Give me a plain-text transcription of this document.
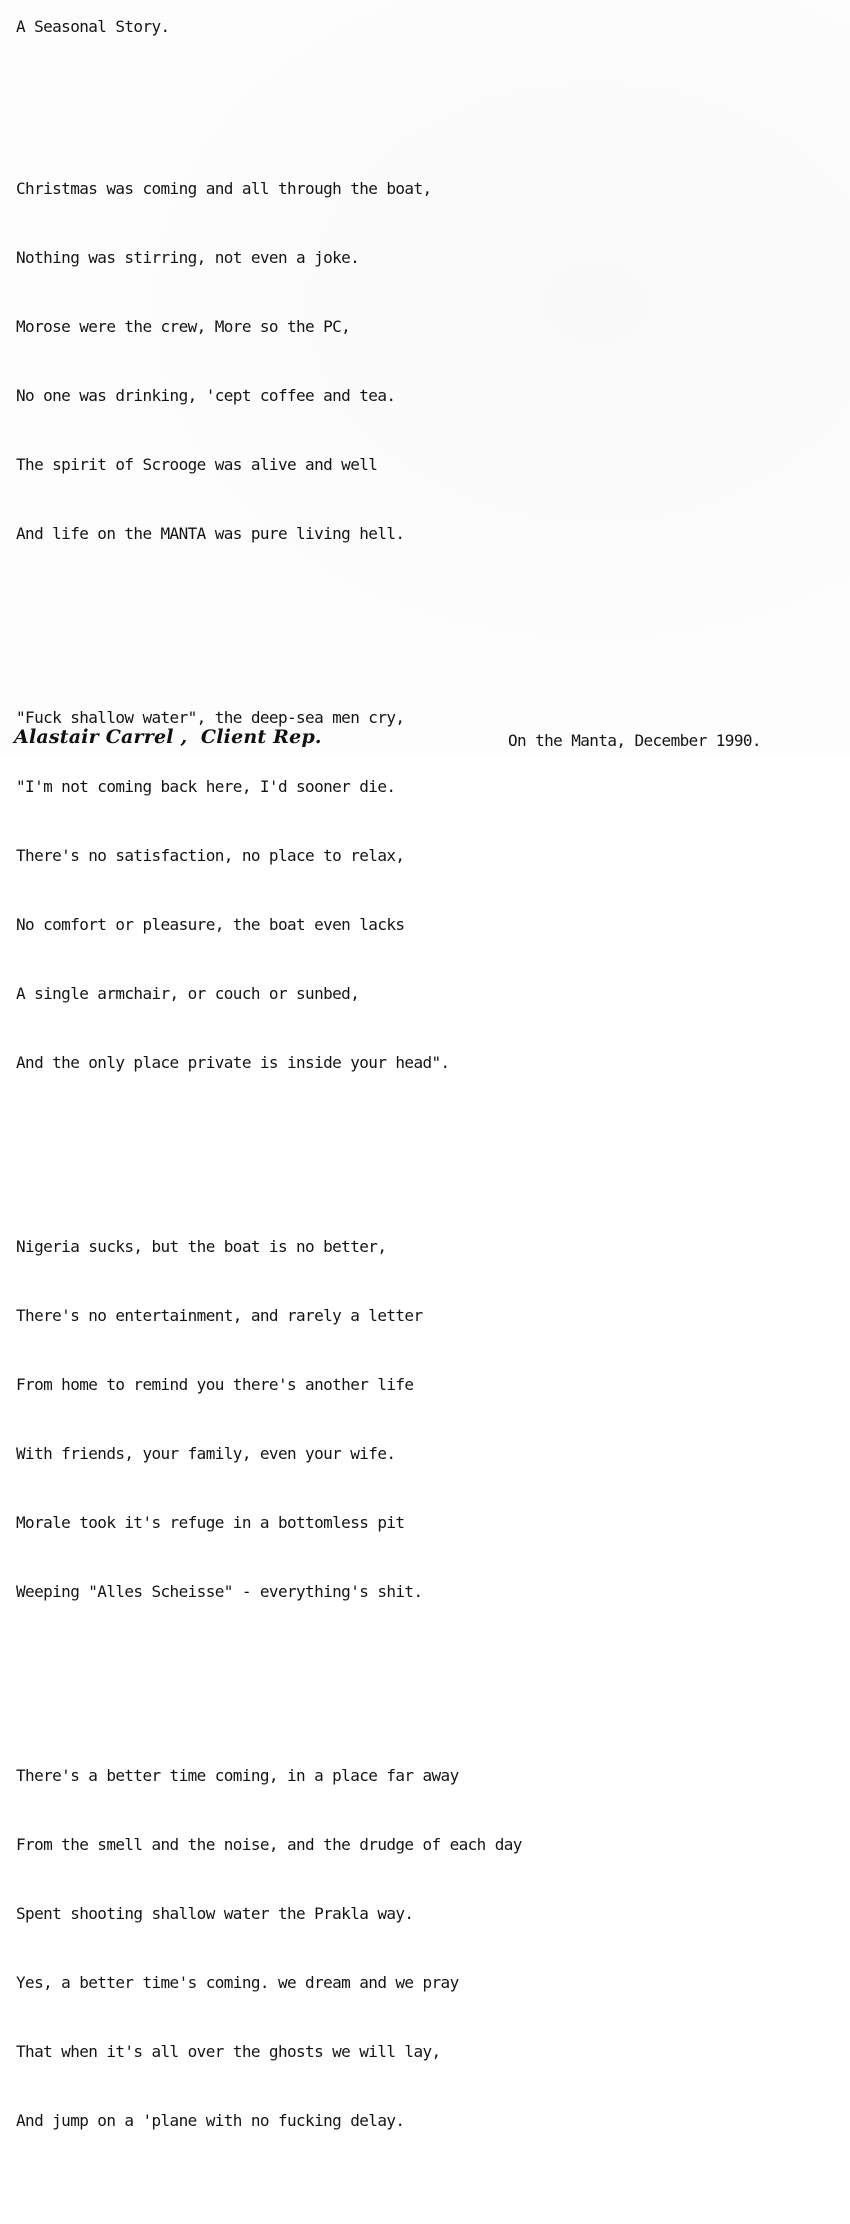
A Seasonal Story.

Christmas was coming and all through the boat,

Nothing was stirring, not even a joke.

Morose were the crew, More so the PC,

No one was drinking, 'cept coffee and tea.

The spirit of Scrooge was alive and well

And life on the MANTA was pure living hell.

"Fuck shallow water", the deep-sea men cry,

"I'm not coming back here, I'd sooner die.

There's no satisfaction, no place to relax,

No comfort or pleasure, the boat even lacks

A single armchair, or couch or sunbed,

And the only place private is inside your head".

Nigeria sucks, but the boat is no better,

There's no entertainment, and rarely a letter

From home to remind you there's another life

With friends, your family, even your wife.

Morale took it's refuge in a bottomless pit

Weeping "Alles Scheisse" - everything's shit.

There's a better time coming, in a place far away

From the smell and the noise, and the drudge of each day

Spent shooting shallow water the Prakla way.

Yes, a better time's coming. we dream and we pray

That when it's all over the ghosts we will lay,

And jump on a 'plane with no fucking delay.

Alastair Carrel ,  Client Rep.	On the Manta, December 1990.
